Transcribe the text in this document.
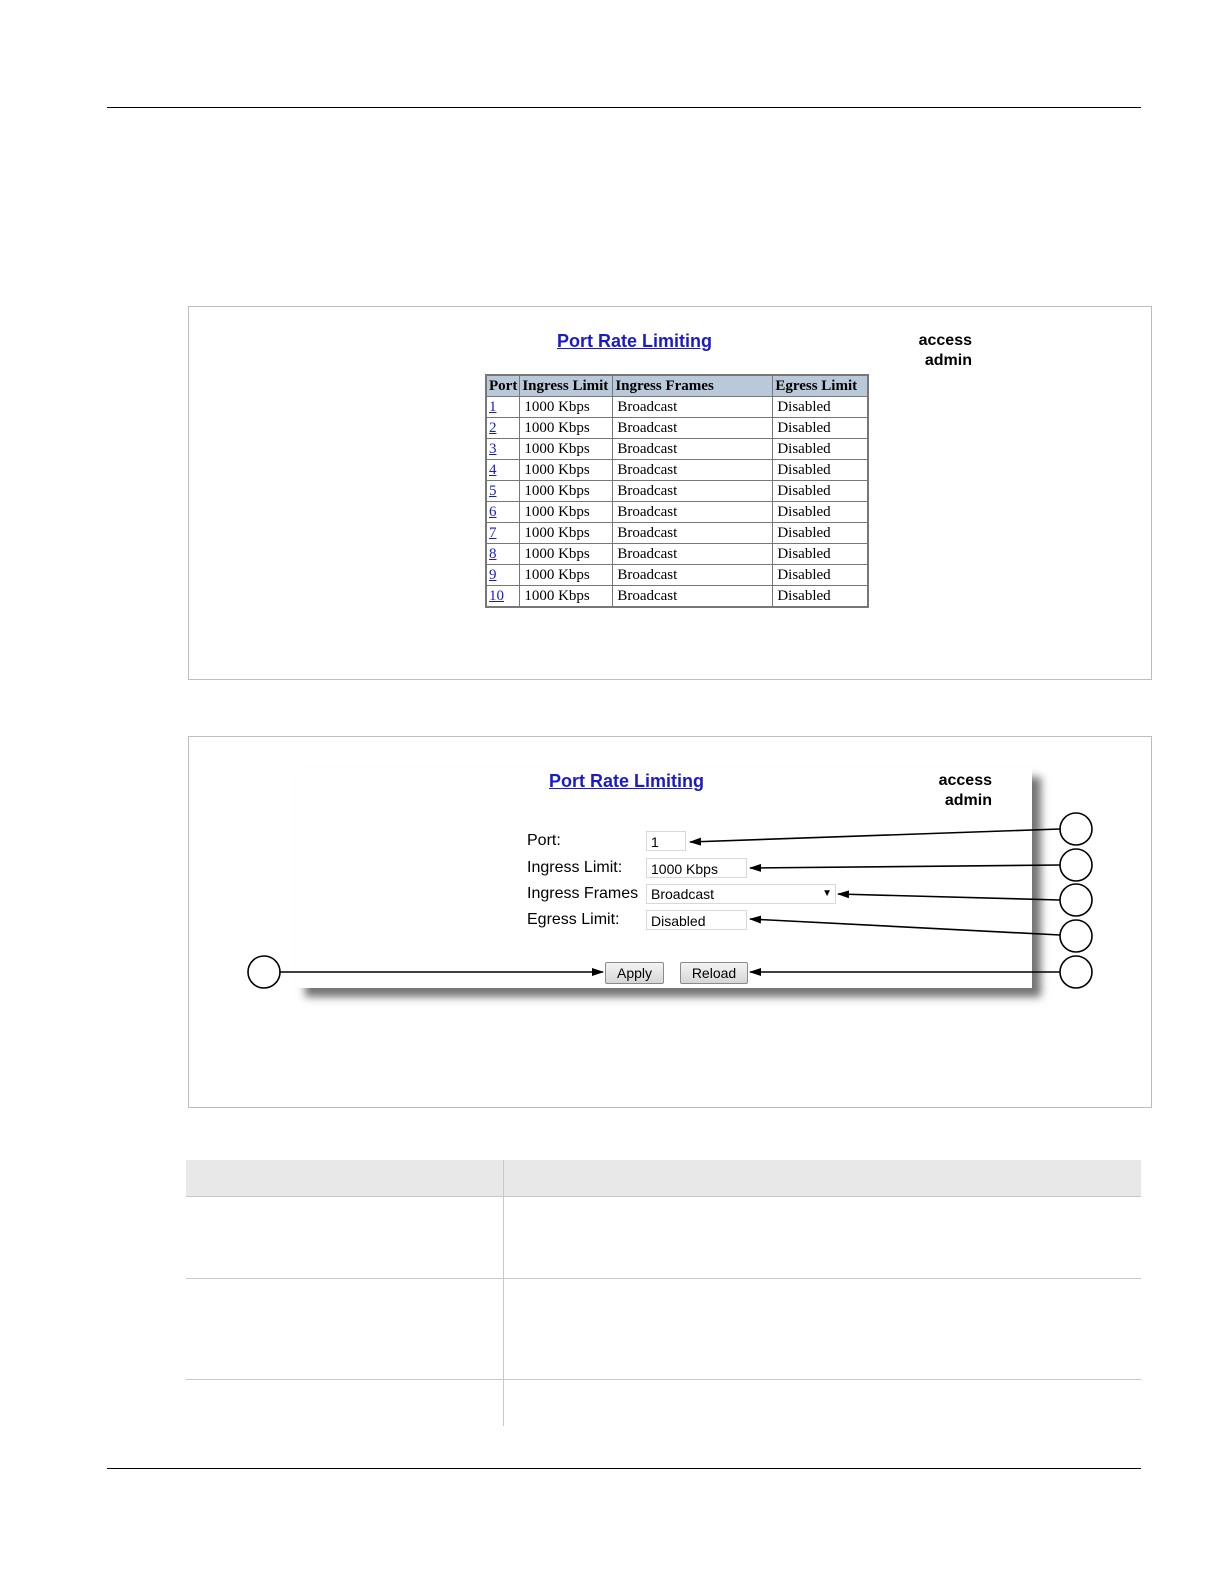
Port Rate Limiting	access
admin
Port	Ingress Limit	Ingress Frames	Egress Limit
1	1000 Kbps	Broadcast	Disabled
2	1000 Kbps	Broadcast	Disabled
3	1000 Kbps	Broadcast	Disabled
4	1000 Kbps	Broadcast	Disabled
5	1000 Kbps	Broadcast	Disabled
6	1000 Kbps	Broadcast	Disabled
7	1000 Kbps	Broadcast	Disabled
8	1000 Kbps	Broadcast	Disabled
9	1000 Kbps	Broadcast	Disabled
10	1000 Kbps	Broadcast	Disabled
Port Rate Limiting	access
admin
Port:	1
Ingress Limit:	1000 Kbps
Ingress Frames Broadcast	▼
Egress Limit:	Disabled
Apply	Reload
